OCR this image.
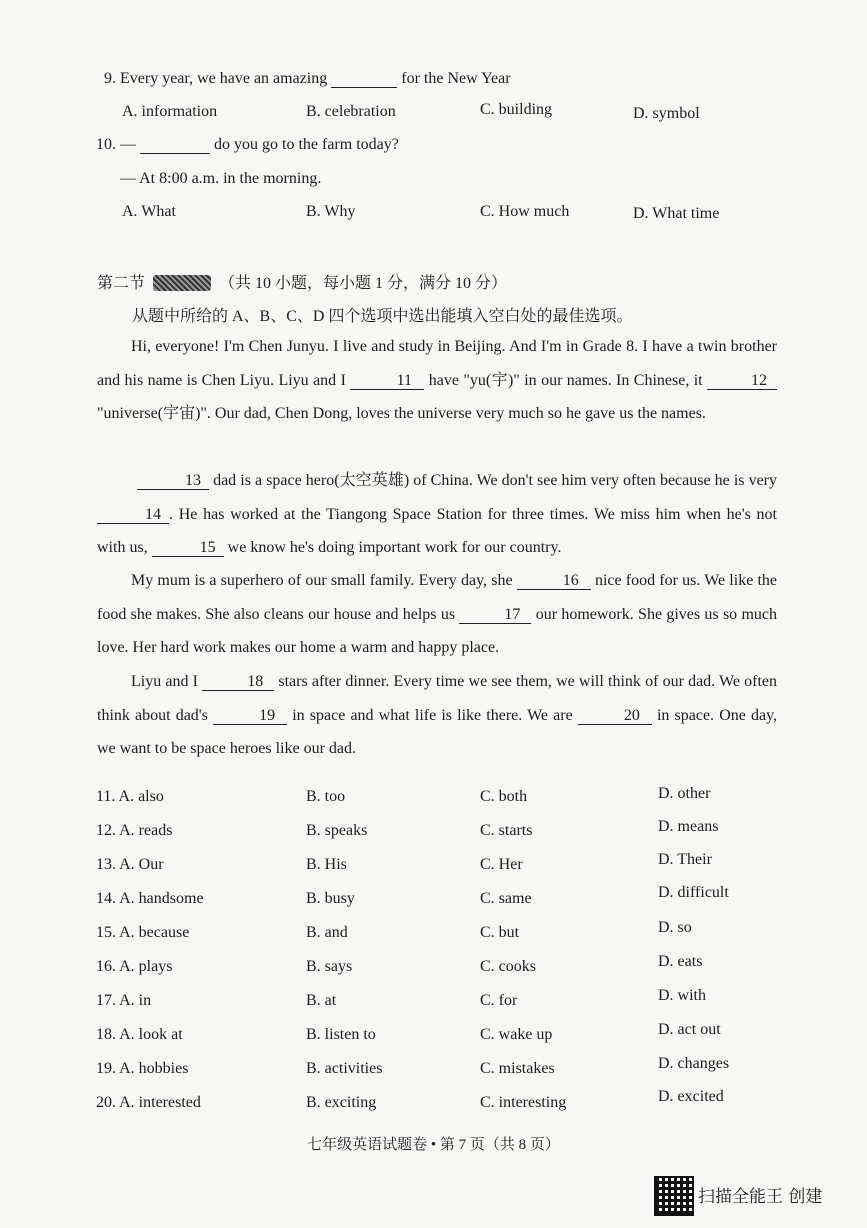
9. Every year, we have an amazing	for the New Year
A. information	B. celebration	C. building	D. symbol
10. —	do you go to the farm today?
— At 8:00 a.m. in the morning.
A. What	B. Why	C. How much	D. What time
第二节	（共 10 小题，每小题 1 分，满分 10 分）
从题中所给的 A、B、C、D 四个选项中选出能填入空白处的最佳选项。
Hi, everyone! I'm Chen Junyu. I live and study in Beijing. And I'm in Grade 8. I have a twin brother and his name is Chen Liyu. Liyu and I	11 have "yu(宇)" in our names. In Chinese, it	12 "universe(宇宙)". Our dad, Chen Dong, loves the universe very much so he gave us the names.
13 dad is a space hero(太空英雄) of China. We don't see him very often because he is very 14 . He has worked at the Tiangong Space Station for three times. We miss him when he's not with us,	15 we know he's doing important work for our country.
My mum is a superhero of our small family. Every day, she	16 nice food for us. We like the food she makes. She also cleans our house and helps us	17 our homework. She gives us so much love. Her hard work makes our home a warm and happy place.
Liyu and I	18 stars after dinner. Every time we see them, we will think of our dad. We often think about dad's	19 in space and what life is like there. We are	20 in space. One day, we want to be space heroes like our dad.
11. A. also	B. too	C. both	D. other
12. A. reads	B. speaks	C. starts	D. means
13. A. Our	B. His	C. Her	D. Their
14. A. handsome	B. busy	C. same	D. difficult
15. A. because	B. and	C. but	D. so
16. A. plays	B. says	C. cooks	D. eats
17. A. in	B. at	C. for	D. with
18. A. look at	B. listen to	C. wake up	D. act out
19. A. hobbies	B. activities	C. mistakes	D. changes
20. A. interested	B. exciting	C. interesting	D. excited
七年级英语试题卷 • 第 7 页（共 8 页）
扫描全能王 创建
